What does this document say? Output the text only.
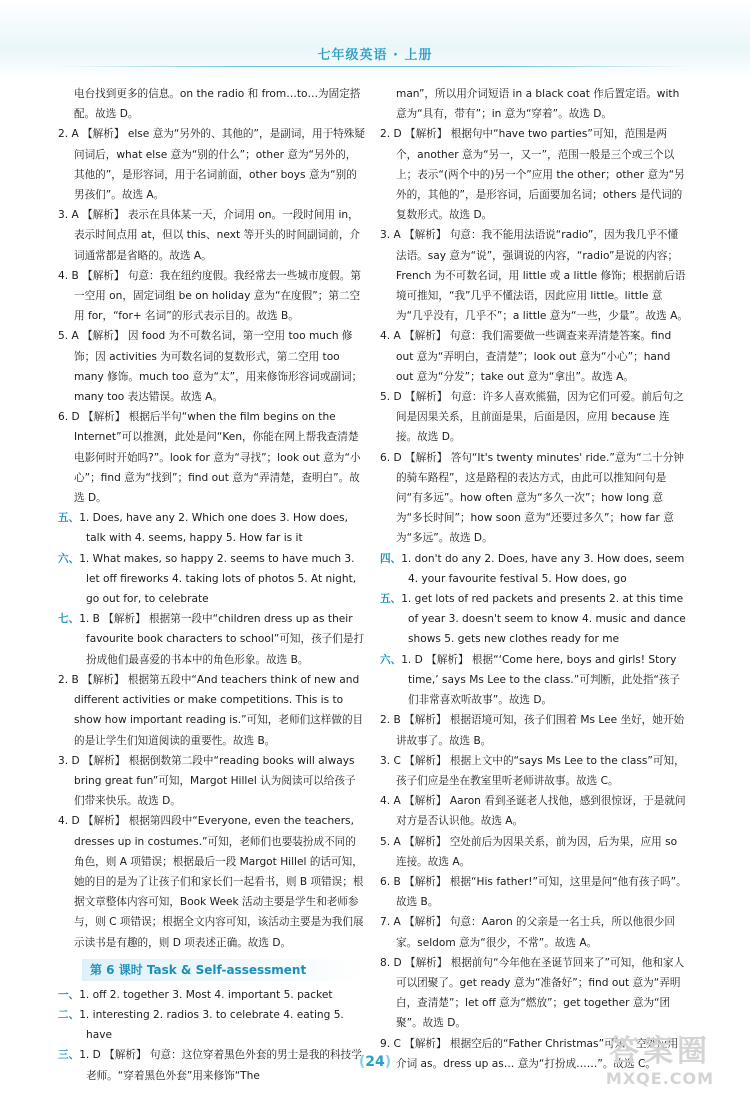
七年级英语 · 上册

电台找到更多的信息。on the radio 和 from…to…为固定搭配。故选 D。

2. A 【解析】 else 意为“另外的、其他的”，是副词，用于特殊疑问词后，what else 意为“别的什么”；other 意为“另外的，其他的”，是形容词，用于名词前面，other boys 意为“别的男孩们”。故选 A。

3. A 【解析】 表示在具体某一天，介词用 on。一段时间用 in，表示时间点用 at，但以 this、next 等开头的时间副词前，介词通常都是省略的。故选 A。

4. B 【解析】 句意：我在纽约度假。我经常去一些城市度假。第一空用 on，固定词组 be on holiday 意为“在度假”；第二空用 for，“for+ 名词”的形式表示目的。故选 B。

5. A 【解析】 因 food 为不可数名词，第一空用 too much 修饰；因 activities 为可数名词的复数形式，第二空用 too many 修饰。much too 意为“太”，用来修饰形容词或副词；many too 表达错误。故选 A。

6. D 【解析】 根据后半句“when the film begins on the Internet”可以推测，此处是问“Ken，你能在网上帮我查清楚电影何时开始吗?”。look for 意为“寻找”；look out 意为“小心”；find 意为“找到”；find out 意为“弄清楚，查明白”。故选 D。

五、1. Does, have any 2. Which one does 3. How does, talk with 4. seems, happy 5. How far is it

六、1. What makes, so happy 2. seems to have much 3. let off fireworks 4. taking lots of photos 5. At night, go out for, to celebrate

七、1. B 【解析】 根据第一段中“children dress up as their favourite book characters to school”可知，孩子们是打扮成他们最喜爱的书本中的角色形象。故选 B。

2. B 【解析】 根据第五段中“And teachers think of new and different activities or make competitions. This is to show how important reading is.”可知，老师们这样做的目的是让学生们知道阅读的重要性。故选 B。

3. D 【解析】 根据倒数第二段中“reading books will always bring great fun”可知，Margot Hillel 认为阅读可以给孩子们带来快乐。故选 D。

4. D 【解析】 根据第四段中“Everyone, even the teachers, dresses up in costumes.”可知，老师们也要装扮成不同的角色，则 A 项错误；根据最后一段 Margot Hillel 的话可知，她的目的是为了让孩子们和家长们一起看书，则 B 项错误；根据文章整体内容可知，Book Week 活动主要是学生和老师参与，则 C 项错误；根据全文内容可知，该活动主要是为我们展示读书是有趣的，则 D 项表述正确。故选 D。

第 6 课时 Task & Self-assessment

一、1. off 2. together 3. Most 4. important 5. packet

二、1. interesting 2. radios 3. to celebrate 4. eating 5. have

三、1. D 【解析】 句意：这位穿着黑色外套的男士是我的科技学老师。“穿着黑色外套”用来修饰“The

man”，所以用介词短语 in a black coat 作后置定语。with 意为“具有，带有”；in 意为“穿着”。故选 D。

2. D 【解析】 根据句中“have two parties”可知，范围是两个，another 意为“另一，又一”，范围一般是三个或三个以上；表示“(两个中的)另一个”应用 the other；other 意为“另外的，其他的”，是形容词，后面要加名词；others 是代词的复数形式。故选 D。

3. A 【解析】 句意：我不能用法语说“radio”，因为我几乎不懂法语。say 意为“说”，强调说的内容，“radio”是说的内容；French 为不可数名词，用 little 或 a little 修饰；根据前后语境可推知，“我”几乎不懂法语，因此应用 little。little 意为“几乎没有，几乎不”；a little 意为“一些，少量”。故选 A。

4. A 【解析】 句意：我们需要做一些调查来弄清楚答案。find out 意为“弄明白，查清楚”；look out 意为“小心”；hand out 意为“分发”；take out 意为“拿出”。故选 A。

5. D 【解析】 句意：许多人喜欢熊猫，因为它们可爱。前后句之间是因果关系，且前面是果，后面是因，应用 because 连接。故选 D。

6. D 【解析】 答句“It's twenty minutes' ride.”意为“二十分钟的骑车路程”，这是路程的表达方式，由此可以推知问句是问“有多远”。how often 意为“多久一次”；how long 意为“多长时间”；how soon 意为“还要过多久”；how far 意为“多远”。故选 D。

四、1. don't do any 2. Does, have any 3. How does, seem 4. your favourite festival 5. How does, go

五、1. get lots of red packets and presents 2. at this time of year 3. doesn't seem to know 4. music and dance shows 5. gets new clothes ready for me

六、1. D 【解析】 根据“‘Come here, boys and girls! Story time,’ says Ms Lee to the class.”可判断，此处指“孩子们非常喜欢听故事”。故选 D。

2. B 【解析】 根据语境可知，孩子们围着 Ms Lee 坐好，她开始讲故事了。故选 B。

3. C 【解析】 根据上文中的“says Ms Lee to the class”可知，孩子们应是坐在教室里听老师讲故事。故选 C。

4. A 【解析】 Aaron 看到圣诞老人找他，感到很惊讶，于是就问对方是否认识他。故选 A。

5. A 【解析】 空处前后为因果关系，前为因，后为果，应用 so 连接。故选 A。

6. B 【解析】 根据“His father!”可知，这里是问“他有孩子吗”。故选 B。

7. A 【解析】 句意：Aaron 的父亲是一名士兵，所以他很少回家。seldom 意为“很少，不常”。故选 A。

8. D 【解析】 根据前句“今年他在圣诞节回来了”可知，他和家人可以团聚了。get ready 意为“准备好”；find out 意为“弄明白，查清楚”；let off 意为“燃放”；get together 意为“团聚”。故选 D。

9. C 【解析】 根据空后的“Father Christmas”可知，空处应用介词 as。dress up as… 意为“打扮成……”。故选 C。

(24)	答案圈
MXQE.COM
